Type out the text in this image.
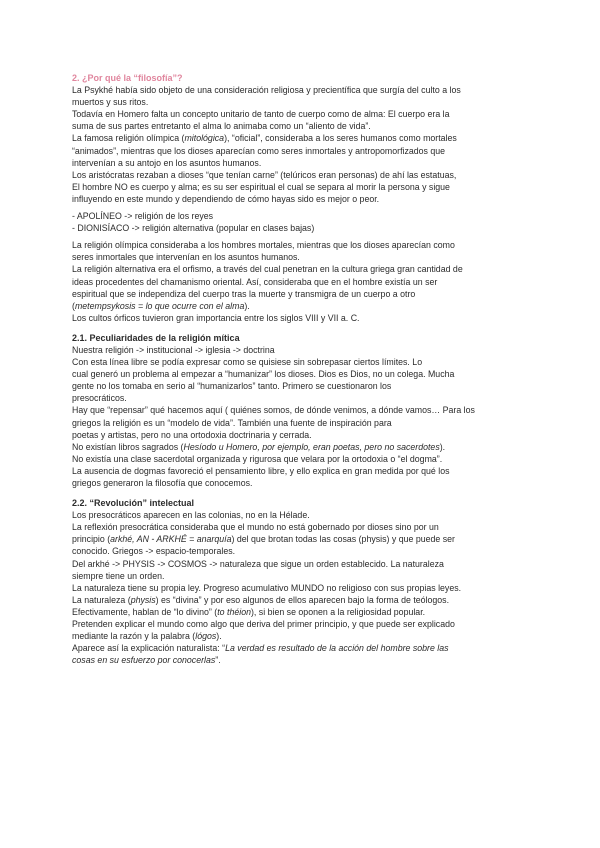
2. ¿Por qué la “filosofía”?

La Psykhé había sido objeto de una consideración religiosa y precientífica que surgía del culto a los
muertos y sus ritos.

Todavía en Homero falta un concepto unitario de tanto de cuerpo como de alma: El cuerpo era la
suma de sus partes entretanto el alma lo animaba como un “aliento de vida”.

La famosa religión olímpica (mitológica), “oficial”, consideraba a los seres humanos como mortales
“animados”, mientras que los dioses aparecían como seres inmortales y antropomorfizados que
intervenían a su antojo en los asuntos humanos.

Los aristócratas rezaban a dioses “que tenían carne” (telúricos eran personas) de ahí las estatuas,
El hombre NO es cuerpo y alma; es su ser espiritual el cual se separa al morir la persona y sigue
influyendo en este mundo y dependiendo de cómo hayas sido es mejor o peor.

- APOLÍNEO -> religión de los reyes

- DIONISÍACO -> religión alternativa (popular en clases bajas)

La religión olímpica consideraba a los hombres mortales, mientras que los dioses aparecían como
seres inmortales que intervenían en los asuntos humanos.

La religión alternativa era el orfismo, a través del cual penetran en la cultura griega gran cantidad de
ideas procedentes del chamanismo oriental. Así, consideraba que en el hombre existía un ser
espiritual que se independiza del cuerpo tras la muerte y transmigra de un cuerpo a otro
(metempsykosis = lo que ocurre con el alma).

Los cultos órficos tuvieron gran importancia entre los siglos VIII y VII a. C.

2.1. Peculiaridades de la religión mítica

Nuestra religión -> institucional -> iglesia -> doctrina

Con esta línea libre se podía expresar como se quisiese sin sobrepasar ciertos límites. Lo

cual generó un problema al empezar a “humanizar” los dioses. Dios es Dios, no un colega. Mucha

gente no los tomaba en serio al “humanizarlos” tanto. Primero se cuestionaron los

presocráticos.

Hay que “repensar” qué hacemos aquí ( quiénes somos, de dónde venimos, a dónde vamos… Para los

griegos la religión es un “modelo de vida”. También una fuente de inspiración para

poetas y artistas, pero no una ortodoxia doctrinaria y cerrada.

No existían libros sagrados (Hesíodo u Homero, por ejemplo, eran poetas, pero no sacerdotes).

No existía una clase sacerdotal organizada y rigurosa que velara por la ortodoxia o “el dogma”.

La ausencia de dogmas favoreció el pensamiento libre, y ello explica en gran medida por qué los

griegos generaron la filosofía que conocemos.

2.2. “Revolución” intelectual

Los presocráticos aparecen en las colonias, no en la Hélade.

La reflexión presocrática consideraba que el mundo no está gobernado por dioses sino por un

principio (arkhé, AN - ARKHÉ = anarquía) del que brotan todas las cosas (physis) y que puede ser

conocido. Griegos -> espacio-temporales.

Del arkhé -> PHYSIS -> COSMOS -> naturaleza que sigue un orden establecido. La naturaleza

siempre tiene un orden.

La naturaleza tiene su propia ley. Progreso acumulativo MUNDO no religioso con sus propias leyes.

La naturaleza (physis) es “divina” y por eso algunos de ellos aparecen bajo la forma de teólogos.

Efectivamente, hablan de “lo divino” (to théion), si bien se oponen a la religiosidad popular.

Pretenden explicar el mundo como algo que deriva del primer principio, y que puede ser explicado

mediante la razón y la palabra (lógos).

Aparece así la explicación naturalista: “La verdad es resultado de la acción del hombre sobre las
cosas en su esfuerzo por conocerlas”.
